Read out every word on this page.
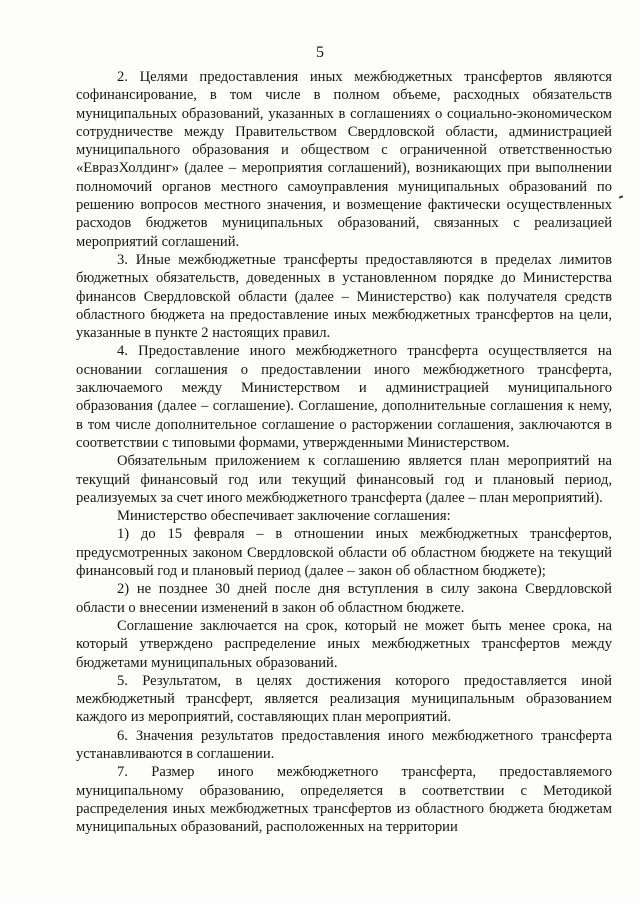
5

2. Целями предоставления иных межбюджетных трансфертов являются софинансирование, в том числе в полном объеме, расходных обязательств муниципальных образований, указанных в соглашениях о социально-экономическом сотрудничестве между Правительством Свердловской области, администрацией муниципального образования и обществом с ограниченной ответственностью «ЕвразХолдинг» (далее – мероприятия соглашений), возникающих при выполнении полномочий органов местного самоуправления муниципальных образований по решению вопросов местного значения, и возмещение фактически осуществленных расходов бюджетов муниципальных образований, связанных с реализацией мероприятий соглашений.

3. Иные межбюджетные трансферты предоставляются в пределах лимитов бюджетных обязательств, доведенных в установленном порядке до Министерства финансов Свердловской области (далее – Министерство) как получателя средств областного бюджета на предоставление иных межбюджетных трансфертов на цели, указанные в пункте 2 настоящих правил.

4. Предоставление иного межбюджетного трансферта осуществляется на основании соглашения о предоставлении иного межбюджетного трансферта, заключаемого между Министерством и администрацией муниципального образования (далее – соглашение). Соглашение, дополнительные соглашения к нему, в том числе дополнительное соглашение о расторжении соглашения, заключаются в соответствии с типовыми формами, утвержденными Министерством.

Обязательным приложением к соглашению является план мероприятий на текущий финансовый год или текущий финансовый год и плановый период, реализуемых за счет иного межбюджетного трансферта (далее – план мероприятий).

Министерство обеспечивает заключение соглашения:

1) до 15 февраля – в отношении иных межбюджетных трансфертов, предусмотренных законом Свердловской области об областном бюджете на текущий финансовый год и плановый период (далее – закон об областном бюджете);

2) не позднее 30 дней после дня вступления в силу закона Свердловской области о внесении изменений в закон об областном бюджете.

Соглашение заключается на срок, который не может быть менее срока, на который утверждено распределение иных межбюджетных трансфертов между бюджетами муниципальных образований.

5. Результатом, в целях достижения которого предоставляется иной межбюджетный трансферт, является реализация муниципальным образованием каждого из мероприятий, составляющих план мероприятий.

6. Значения результатов предоставления иного межбюджетного трансферта устанавливаются в соглашении.

7. Размер иного межбюджетного трансферта, предоставляемого муниципальному образованию, определяется в соответствии с Методикой распределения иных межбюджетных трансфертов из областного бюджета бюджетам муниципальных образований, расположенных на территории
